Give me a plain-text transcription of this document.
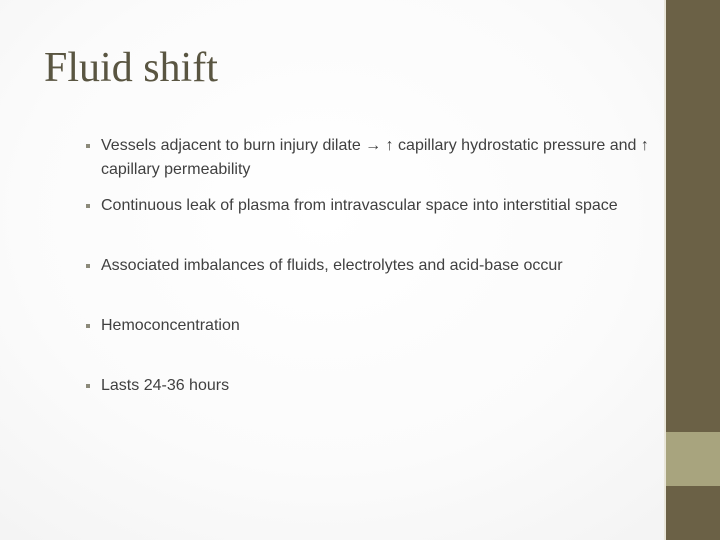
Fluid shift
Vessels adjacent to burn injury dilate → ↑ capillary hydrostatic pressure and ↑ capillary permeability
Continuous leak of plasma from intravascular space into interstitial space
Associated imbalances of fluids, electrolytes and acid-base occur
Hemoconcentration
Lasts 24-36 hours
